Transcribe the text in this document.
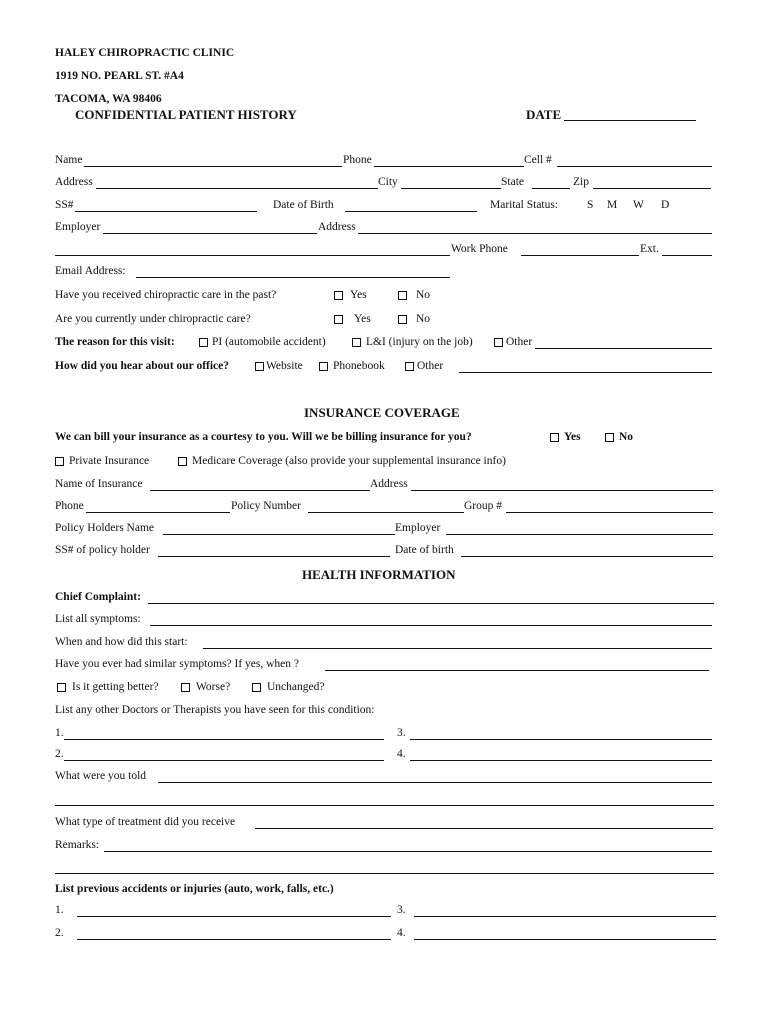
HALEY CHIROPRACTIC CLINIC
1919 NO. PEARL ST. #A4
TACOMA, WA 98406
CONFIDENTIAL PATIENT HISTORY	DATE
Name	Phone	Cell #
Address	City	State	Zip
SS#	Date of Birth	Marital Status:	S M W D
Employer	Address
Work Phone	Ext.
Email Address:
Have you received chiropractic care in the past?	Yes	No
Are you currently under chiropractic care?	Yes	No
The reason for this visit:	PI (automobile accident)	L&I (injury on the job)	Other
How did you hear about our office?	Website	Phonebook	Other
INSURANCE COVERAGE
We can bill your insurance as a courtesy to you. Will we be billing insurance for you?	Yes	No
Private Insurance	Medicare Coverage (also provide your supplemental insurance info)
Name of Insurance	Address
Phone	Policy Number	Group #
Policy Holders Name	Employer
SS# of policy holder	Date of birth
HEALTH INFORMATION
Chief Complaint:
List all symptoms:
When and how did this start:
Have you ever had similar symptoms? If yes, when ?
Is it getting better?	Worse?	Unchanged?
List any other Doctors or Therapists you have seen for this condition:
1.	3.
2.	4.
What were you told
What type of treatment did you receive
Remarks:
List previous accidents or injuries (auto, work, falls, etc.)
1.	3.
2.	4.
